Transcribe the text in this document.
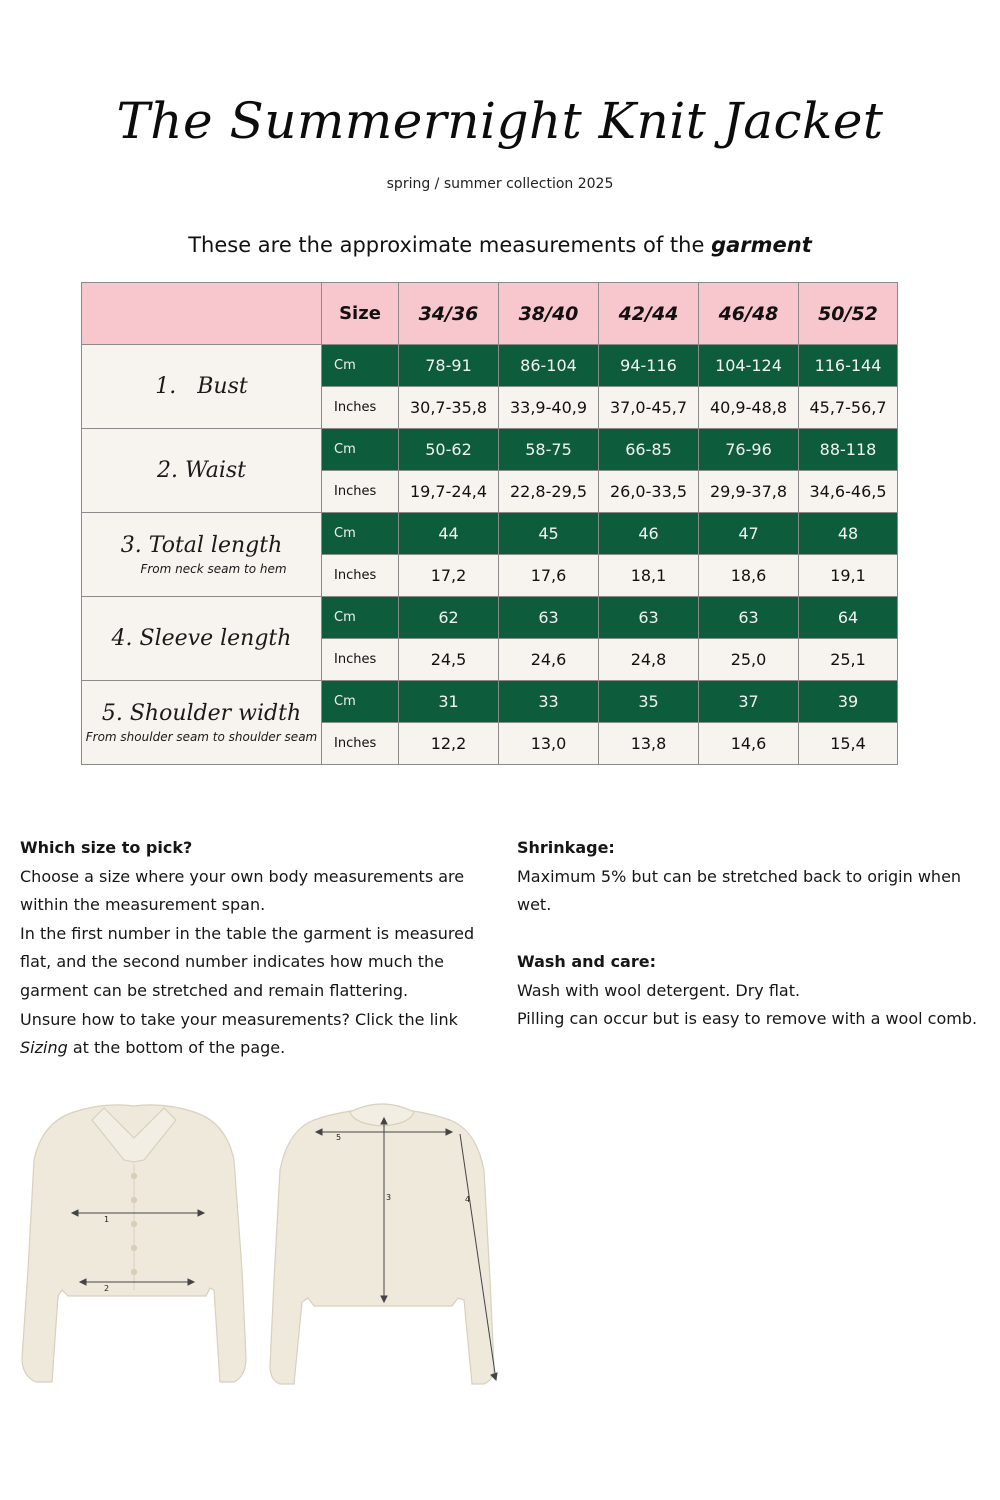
The Summernight Knit Jacket
spring / summer collection 2025
These are the approximate measurements of the garment
	Size	34/36	38/40	42/44	46/48	50/52
1.   Bust	Cm	78-91	86-104	94-116	104-124	116-144
	Inches	30,7-35,8	33,9-40,9	37,0-45,7	40,9-48,8	45,7-56,7
2. Waist	Cm	50-62	58-75	66-85	76-96	88-118
	Inches	19,7-24,4	22,8-29,5	26,0-33,5	29,9-37,8	34,6-46,5
3. Total length
From neck seam to hem	Cm	44	45	46	47	48
	Inches	17,2	17,6	18,1	18,6	19,1
4. Sleeve length	Cm	62	63	63	63	64
	Inches	24,5	24,6	24,8	25,0	25,1
5. Shoulder width
From shoulder seam to shoulder seam	Cm	31	33	35	37	39
	Inches	12,2	13,0	13,8	14,6	15,4
Which size to pick?
Choose a size where your own body measurements are within the measurement span.
In the first number in the table the garment is measured flat, and the second number indicates how much the garment can be stretched and remain flattering.
Unsure how to take your measurements? Click the link Sizing at the bottom of the page.
Shrinkage:
Maximum 5% but can be stretched back to origin when wet.
Wash and care:
Wash with wool detergent. Dry flat.
Pilling can occur but is easy to remove with a wool comb.
1
2
5
3	4
